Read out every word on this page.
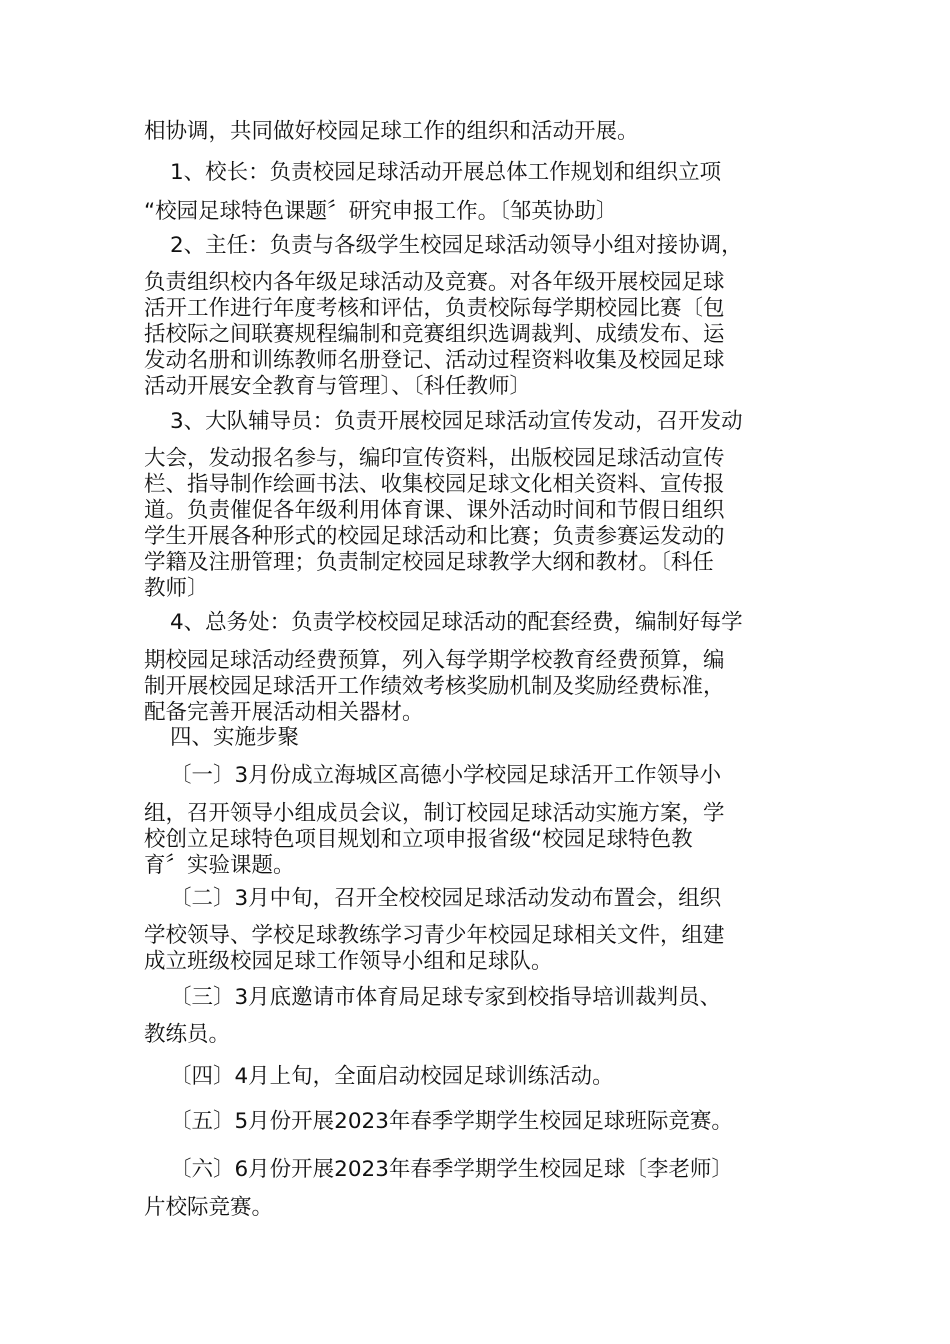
相协调，共同做好校园足球工作的组织和活动开展。
1、校长：负责校园足球活动开展总体工作规划和组织立项
“校园足球特色课题〞研究申报工作。〔邹英协助〕
2、主任：负责与各级学生校园足球活动领导小组对接协调，
负责组织校内各年级足球活动及竞赛。对各年级开展校园足球
活开工作进行年度考核和评估，负责校际每学期校园比赛〔包
括校际之间联赛规程编制和竞赛组织选调裁判、成绩发布、运
发动名册和训练教师名册登记、活动过程资料收集及校园足球
活动开展安全教育与管理〕、〔科任教师〕
3、大队辅导员：负责开展校园足球活动宣传发动，召开发动
大会，发动报名参与，编印宣传资料，出版校园足球活动宣传
栏、指导制作绘画书法、收集校园足球文化相关资料、宣传报
道。负责催促各年级利用体育课、课外活动时间和节假日组织
学生开展各种形式的校园足球活动和比赛；负责参赛运发动的
学籍及注册管理；负责制定校园足球教学大纲和教材。〔科任
教师〕
4、总务处：负责学校校园足球活动的配套经费，编制好每学
期校园足球活动经费预算，列入每学期学校教育经费预算，编
制开展校园足球活开工作绩效考核奖励机制及奖励经费标准，
配备完善开展活动相关器材。
四、实施步聚
〔一〕3月份成立海城区高德小学校园足球活开工作领导小
组，召开领导小组成员会议，制订校园足球活动实施方案，学
校创立足球特色项目规划和立项申报省级“校园足球特色教
育〞实验课题。
〔二〕3月中旬，召开全校校园足球活动发动布置会，组织
学校领导、学校足球教练学习青少年校园足球相关文件，组建
成立班级校园足球工作领导小组和足球队。
〔三〕3月底邀请市体育局足球专家到校指导培训裁判员、
教练员。
〔四〕4月上旬，全面启动校园足球训练活动。
〔五〕5月份开展2023年春季学期学生校园足球班际竞赛。
〔六〕6月份开展2023年春季学期学生校园足球〔李老师〕
片校际竞赛。
